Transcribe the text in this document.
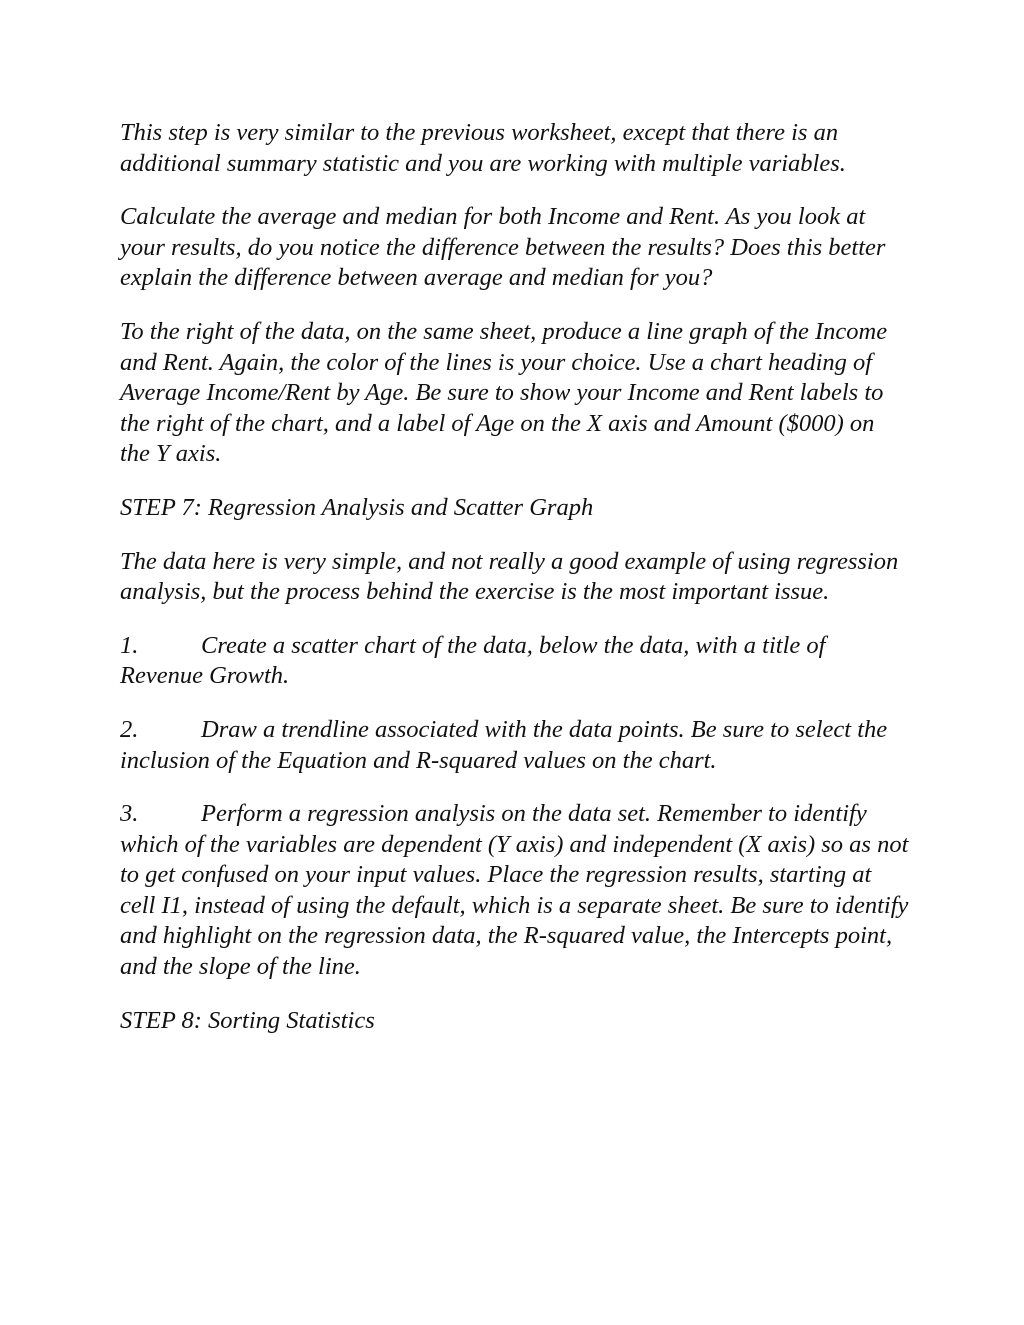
This step is very similar to the previous worksheet, except that there is an additional summary statistic and you are working with multiple variables.

Calculate the average and median for both Income and Rent. As you look at your results, do you notice the difference between the results? Does this better explain the difference between average and median for you?

To the right of the data, on the same sheet, produce a line graph of the Income and Rent. Again, the color of the lines is your choice. Use a chart heading of Average Income/Rent by Age. Be sure to show your Income and Rent labels to the right of the chart, and a label of Age on the X axis and Amount ($000) on the Y axis.

STEP 7: Regression Analysis and Scatter Graph

The data here is very simple, and not really a good example of using regression analysis, but the process behind the exercise is the most important issue.

1.	Create a scatter chart of the data, below the data, with a title of Revenue Growth.

2.	Draw a trendline associated with the data points. Be sure to select the inclusion of the Equation and R-squared values on the chart.

3.	Perform a regression analysis on the data set. Remember to identify which of the variables are dependent (Y axis) and independent (X axis) so as not to get confused on your input values. Place the regression results, starting at cell I1, instead of using the default, which is a separate sheet. Be sure to identify and highlight on the regression data, the R-squared value, the Intercepts point, and the slope of the line.

STEP 8: Sorting Statistics
